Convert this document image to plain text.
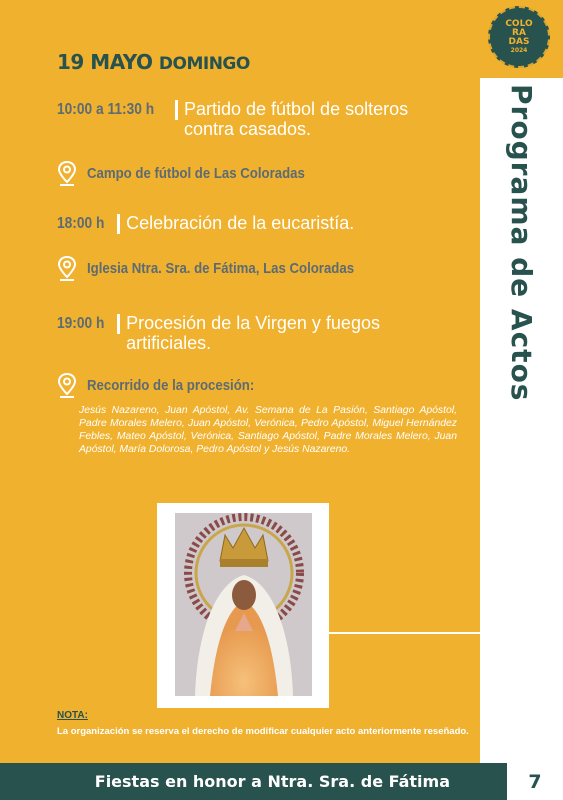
COLO
RA
DAS
2024
Programa de Actos
19 MAYO DOMINGO
10:00 a 11:30 h Partido de fútbol de solteros
contra casados.
Campo de fútbol de Las Coloradas
18:00 h Celebración de la eucaristía.
Iglesia Ntra. Sra. de Fátima, Las Coloradas
19:00 h Procesión de la Virgen y fuegos
artificiales.
Recorrido de la procesión:
Jesús Nazareno, Juan Apóstol, Av. Semana de La Pasión, Santiago Apóstol, Padre Morales Melero, Juan Apóstol, Verónica, Pedro Apóstol, Miguel Hernández Febles, Mateo Apóstol, Verónica, Santiago Apóstol, Padre Morales Melero, Juan Apóstol, María Dolorosa, Pedro Apóstol y Jesús Nazareno.
NOTA:
La organización se reserva el derecho de modificar cualquier acto anteriormente reseñado.
Fiestas en honor a Ntra. Sra. de Fátima	7
